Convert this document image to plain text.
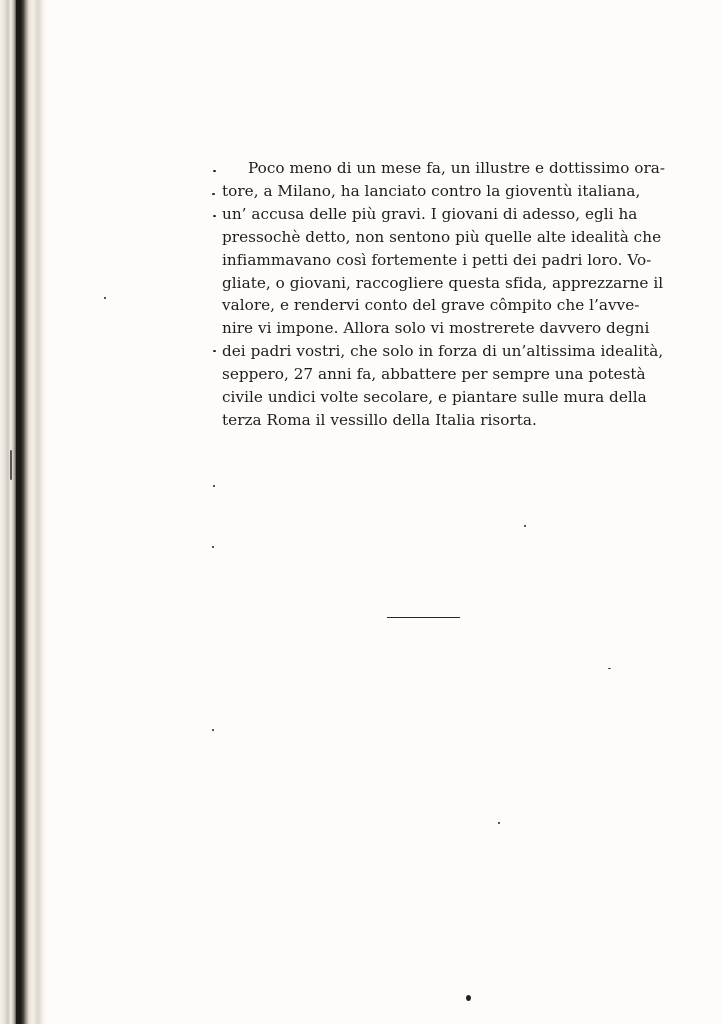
Poco meno di un mese fa, un illustre e dottissimo ora-
tore, a Milano, ha lanciato contro la gioventù italiana,
un’ accusa delle più gravi. I giovani di adesso, egli ha
pressochè detto, non sentono più quelle alte idealità che
infiammavano così fortemente i petti dei padri loro. Vo-
gliate, o giovani, raccogliere questa sfida, apprezzarne il
valore, e rendervi conto del grave cômpito che l’avve-
nire vi impone. Allora solo vi mostrerete davvero degni
dei padri vostri, che solo in forza di un’altissima idealità,
seppero, 27 anni fa, abbattere per sempre una potestà
civile undici volte secolare, e piantare sulle mura della
terza Roma il vessillo della Italia risorta.
